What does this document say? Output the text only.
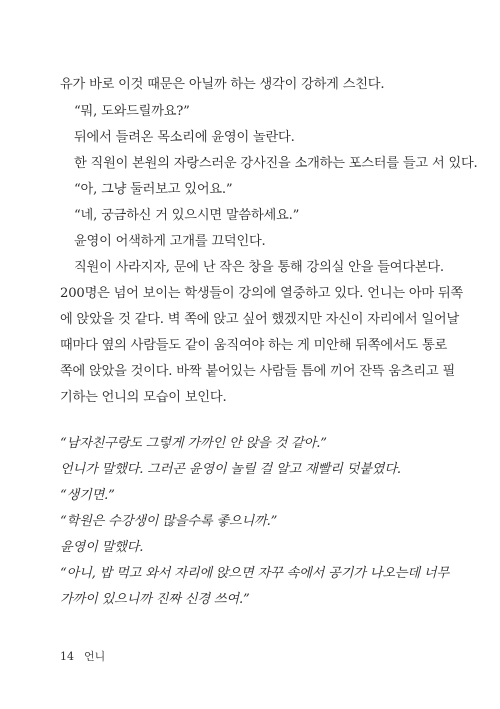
유가 바로 이것 때문은 아닐까 하는 생각이 강하게 스친다.
“뭐, 도와드릴까요?”
뒤에서 들려온 목소리에 윤영이 놀란다.
한 직원이 본원의 자랑스러운 강사진을 소개하는 포스터를 들고 서 있다.
“아, 그냥 둘러보고 있어요.”
“네, 궁금하신 거 있으시면 말씀하세요.”
윤영이 어색하게 고개를 끄덕인다.
직원이 사라지자, 문에 난 작은 창을 통해 강의실 안을 들여다본다.
200명은 넘어 보이는 학생들이 강의에 열중하고 있다. 언니는 아마 뒤쪽
에 앉았을 것 같다. 벽 쪽에 앉고 싶어 했겠지만 자신이 자리에서 일어날
때마다 옆의 사람들도 같이 움직여야 하는 게 미안해 뒤쪽에서도 통로
쪽에 앉았을 것이다. 바짝 붙어있는 사람들 틈에 끼어 잔뜩 움츠리고 필
기하는 언니의 모습이 보인다.
“남자친구랑도 그렇게 가까인 안 앉을 것 같아.”
언니가 말했다. 그러곤 윤영이 놀릴 걸 알고 재빨리 덧붙였다.
“생기면.”
“학원은 수강생이 많을수록 좋으니까.”
윤영이 말했다.
“아니, 밥 먹고 와서 자리에 앉으면 자꾸 속에서 공기가 나오는데 너무
가까이 있으니까 진짜 신경 쓰여.”
14 언니
